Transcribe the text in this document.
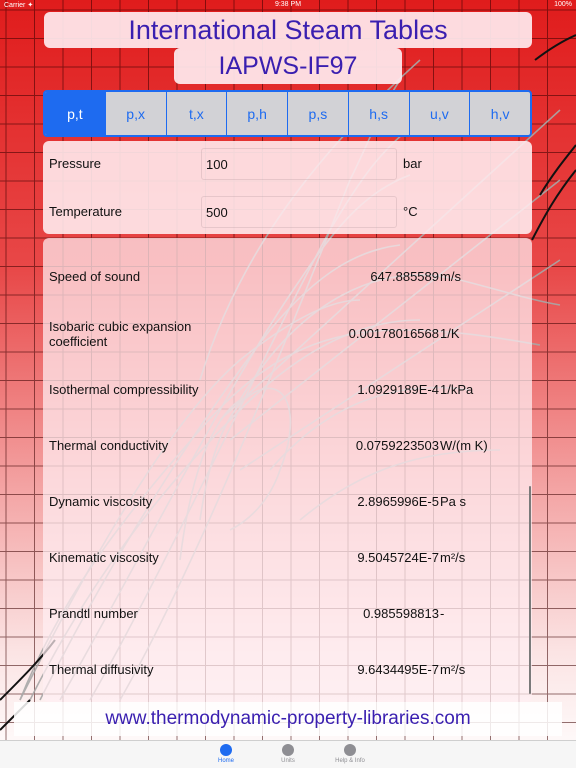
Carrier ✦	9:38 PM	100%
International Steam Tables
IAPWS-IF97
p,t	p,x	t,x	p,h	p,s	h,s	u,v	h,v
Pressure	100	bar
Temperature	500	°C
Speed of sound	647.885589 m/s
Isobaric cubic expansion coefficient
0.00178016568 1/K
Isothermal compressibility	1.0929189E-4 1/kPa
Thermal conductivity	0.0759223503 W/(m K)
Dynamic viscosity	2.8965996E-5 Pa s
Kinematic viscosity	9.5045724E-7 m²/s
Prandtl number	0.985598813 -
Thermal diffusivity	9.6434495E-7 m²/s
www.thermodynamic-property-libraries.com
Home	Units	Help & Info
